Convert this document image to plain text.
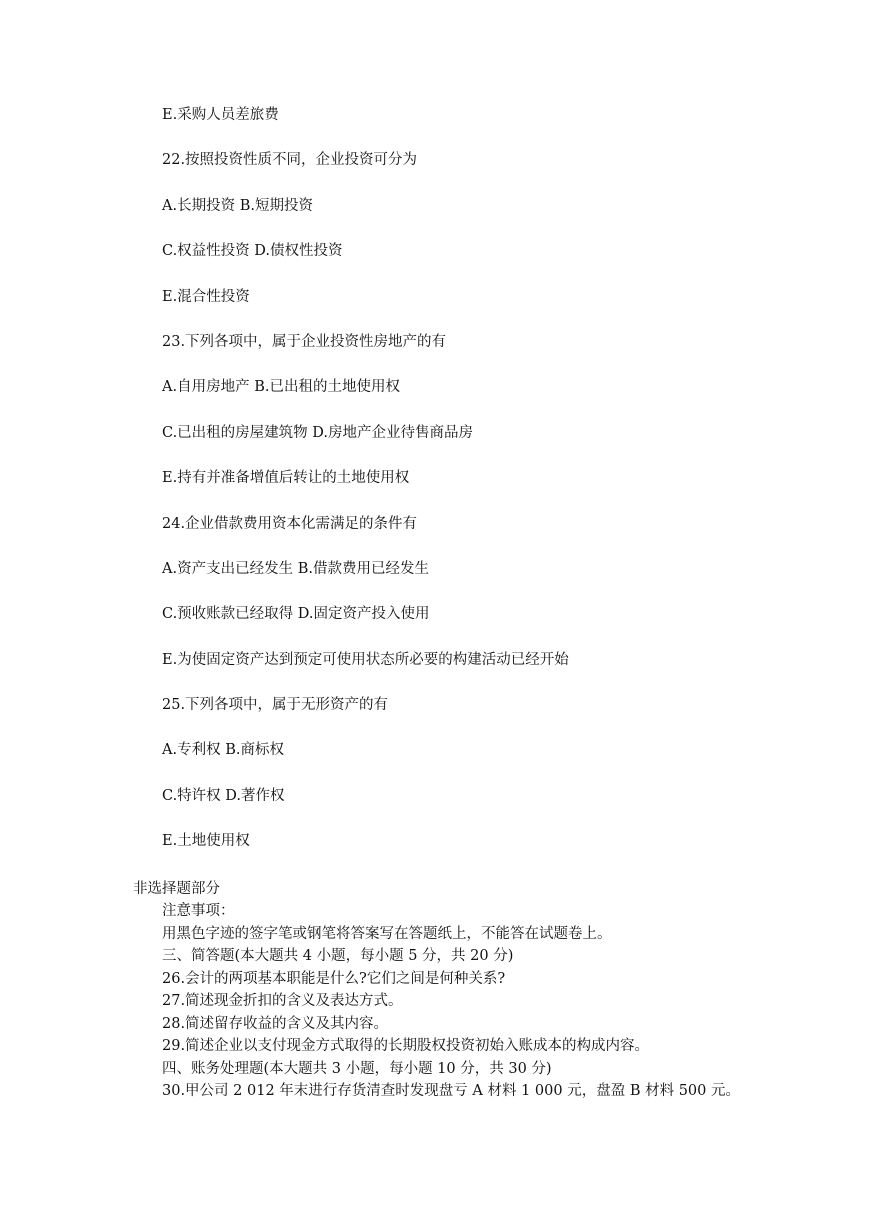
E.采购人员差旅费
22.按照投资性质不同，企业投资可分为
A.长期投资 B.短期投资
C.权益性投资 D.债权性投资
E.混合性投资
23.下列各项中，属于企业投资性房地产的有
A.自用房地产 B.已出租的土地使用权
C.已出租的房屋建筑物 D.房地产企业待售商品房
E.持有并准备增值后转让的土地使用权
24.企业借款费用资本化需满足的条件有
A.资产支出已经发生 B.借款费用已经发生
C.预收账款已经取得 D.固定资产投入使用
E.为使固定资产达到预定可使用状态所必要的构建活动已经开始
25.下列各项中，属于无形资产的有
A.专利权 B.商标权
C.特许权 D.著作权
E.土地使用权
非选择题部分
注意事项：
用黑色字迹的签字笔或钢笔将答案写在答题纸上，不能答在试题卷上。
三、简答题(本大题共 4 小题，每小题 5 分，共 20 分)
26.会计的两项基本职能是什么?它们之间是何种关系?
27.简述现金折扣的含义及表达方式。
28.简述留存收益的含义及其内容。
29.简述企业以支付现金方式取得的长期股权投资初始入账成本的构成内容。
四、账务处理题(本大题共 3 小题，每小题 10 分，共 30 分)
30.甲公司 2 012 年末进行存货清查时发现盘亏 A 材料 1 000 元，盘盈 B 材料 500 元。
